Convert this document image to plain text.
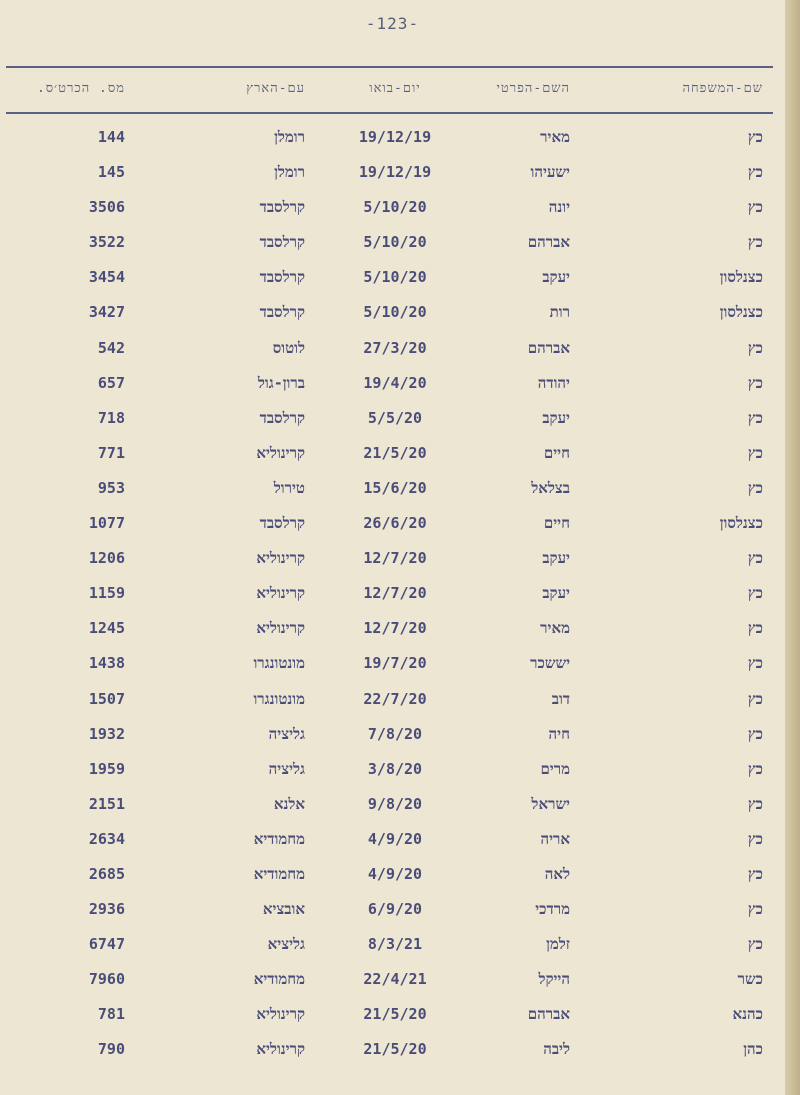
-123-
שם-המשפחה
השם-הפרטי
יום-בואו
עם-הארץ
מס. הכרט׳ס.
כץ
מאיר
19/12/19
רומלן
144
כץ
ישעיהו
19/12/19
רומלן
145
כץ
יונה
5/10/20
קרלסבד
3506
כץ
אברהם
5/10/20
קרלסבד
3522
כצנלסון
יעקב
5/10/20
קרלסבד
3454
כצנלסון
רות
5/10/20
קרלסבד
3427
כץ
אברהם
27/3/20
לוטוס
542
כץ
יהודה
19/4/20
ברון-גול
657
כץ
יעקב
5/5/20
קרלסבד
718
כץ
חיים
21/5/20
קרינוליא
771
כץ
בצלאל
15/6/20
טירול
953
כצנלסון
חיים
26/6/20
קרלסבד
1077
כץ
יעקב
12/7/20
קרינוליא
1206
כץ
יעקב
12/7/20
קרינוליא
1159
כץ
מאיר
12/7/20
קרינוליא
1245
כץ
יששכר
19/7/20
מונטונגרו
1438
כץ
דוב
22/7/20
מונטונגרו
1507
כץ
חיה
7/8/20
גליציה
1932
כץ
מרים
3/8/20
גליציה
1959
כץ
ישראל
9/8/20
אלנא
2151
כץ
אריה
4/9/20
מחמודיא
2634
כץ
לאה
4/9/20
מחמודיא
2685
כץ
מרדכי
6/9/20
אובציא
2936
כץ
זלמן
8/3/21
גליציא
6747
כשר
הייקל
22/4/21
מחמודיא
7960
כהנא
אברהם
21/5/20
קרינוליא
781
כהן
ליבה
21/5/20
קרינוליא
790
